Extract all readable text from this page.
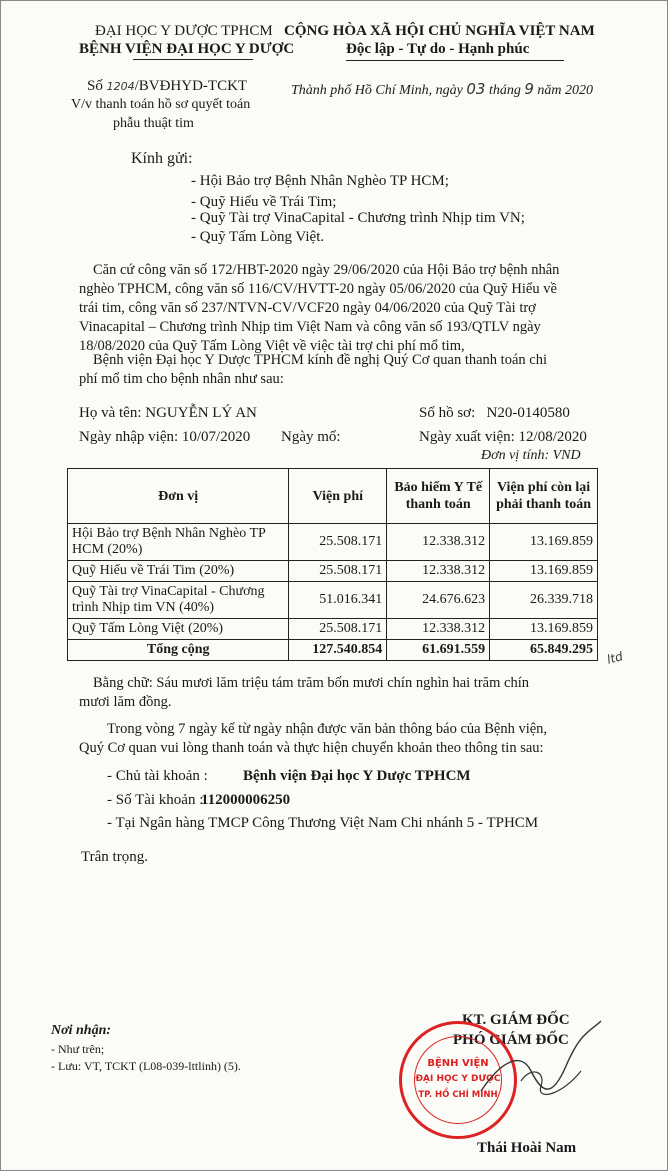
ĐẠI HỌC Y DƯỢC TPHCM
BỆNH VIỆN ĐẠI HỌC Y DƯỢC
CỘNG HÒA XÃ HỘI CHỦ NGHĨA VIỆT NAM
Độc lập - Tự do - Hạnh phúc
Số 1204/BVĐHYD-TCKT
V/v thanh toán hồ sơ quyết toán
phẫu thuật tim
Thành phố Hồ Chí Minh, ngày 03 tháng 9 năm 2020
Kính gửi:
- Hội Bảo trợ Bệnh Nhân Nghèo TP HCM;
- Quỹ Hiểu về Trái Tim;
- Quỹ Tài trợ VinaCapital - Chương trình Nhịp tim VN;
- Quỹ Tấm Lòng Việt.
Căn cứ công văn số 172/HBT-2020 ngày 29/06/2020 của Hội Bảo trợ bệnh nhân
nghèo TPHCM, công văn số 116/CV/HVTT-20 ngày 05/06/2020 của Quỹ Hiểu về
trái tim, công văn số 237/NTVN-CV/VCF20 ngày 04/06/2020 của Quỹ Tài trợ
Vinacapital – Chương trình Nhịp tim Việt Nam và công văn số 193/QTLV ngày
18/08/2020 của Quỹ Tấm Lòng Việt về việc tài trợ chi phí mổ tim,
Bệnh viện Đại học Y Dược TPHCM kính đề nghị Quý Cơ quan thanh toán chi
phí mổ tim cho bệnh nhân như sau:
Họ và tên: NGUYỄN LÝ AN	Số hồ sơ: N20-0140580
Ngày nhập viện: 10/07/2020 Ngày mổ:	Ngày xuất viện: 12/08/2020
Đơn vị tính: VND
Đơn vị	Viện phí	Bảo hiểm Y Tế thanh toán	Viện phí còn lại phải thanh toán
Hội Bảo trợ Bệnh Nhân Nghèo TP HCM (20%)	25.508.171	12.338.312	13.169.859
Quỹ Hiểu về Trái Tim (20%)	25.508.171	12.338.312	13.169.859
Quỹ Tài trợ VinaCapital - Chương trình Nhịp tim VN (40%)	51.016.341	24.676.623	26.339.718
Quỹ Tấm Lòng Việt (20%)	25.508.171	12.338.312	13.169.859
Tổng cộng	127.540.854	61.691.559	65.849.295 ltd
Bằng chữ: Sáu mươi lăm triệu tám trăm bốn mươi chín nghìn hai trăm chín
mươi lăm đồng.
Trong vòng 7 ngày kể từ ngày nhận được văn bản thông báo của Bệnh viện,
Quý Cơ quan vui lòng thanh toán và thực hiện chuyển khoản theo thông tin sau:
- Chủ tài khoản : Bệnh viện Đại học Y Dược TPHCM
- Số Tài khoản :
112000006250
- Tại Ngân hàng TMCP Công Thương Việt Nam Chi nhánh 5 - TPHCM
Trân trọng.
Nơi nhận:
- Như trên;
- Lưu: VT, TCKT (L08-039-lttlinh) (5).
KT. GIÁM ĐỐC
PHÓ GIÁM ĐỐC
BỆNH VIỆN
ĐẠI HỌC Y DƯỢC
TP. HỒ CHÍ MINH
Thái Hoài Nam
